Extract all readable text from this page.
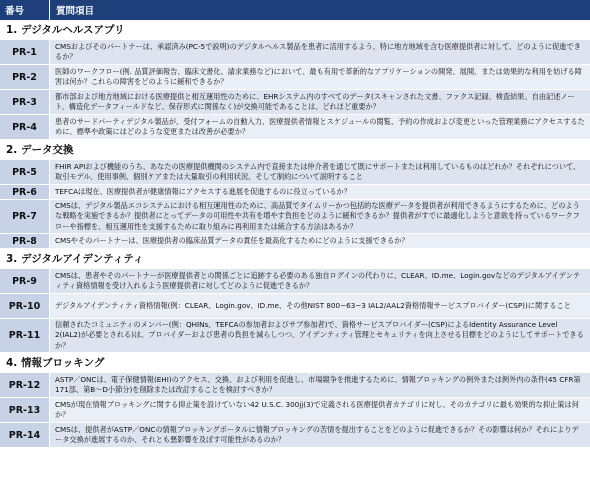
番号	質問項目
1. デジタルヘルスアプリ
PR-1
CMSおよびそのパートナーは、承認済み(PC-5で説明)のデジタルヘルス製品を患者に活用するよう、特に地方地域を含む医療提供者に対して、どのように促進できるか？
PR-2
医師のワークフロー(例. 品質評価報告、臨床文書化、請求業務など)において、最も有用で革新的なアプリケーションの開発、展開、または効果的な利用を妨げる障害は何か？これらの障害をどのように緩和できるか？
PR-3
都市部および地方地域における医療提供と相互運用性のために、EHRシステム内のすべてのデータ(スキャンされた文書、ファクス記録、検査結果、自由記述ノート、構造化データフィールドなど、保存形式に関係なく)が交換可能であることは、どれほど重要か？
PR-4
患者のサードパーティデジタル製品が、受付フォームの自動入力、医療提供者情報とスケジュールの閲覧、予約の作成および変更といった管理業務にアクセスするために、標準や政策にはどのような変更または改善が必要か？
2. データ交換
PR-5
FHIR APIおよび機能のうち、あなたの医療提供機関のシステム内で直接または仲介者を通じて既にサポートまたは利用しているものはどれか？それぞれについて、取引モデル、使用事例、個別ケアまたは大量取引の利用状況、そして制約について説明すること
PR-6	TEFCAは現在、医療提供者が健康情報にアクセスする進展を促進するのに役立っているか？
PR-7
CMSは、デジタル製品エコシステムにおける相互運用性のために、高品質でタイムリーかつ包括的な医療データを提供者が利用できるようにするために、どのような戦略を実施できるか？提供者にとってデータの可用性や共有を増やす負担をどのように緩和できるか？提供者がすでに最適化しようと意欲を持っているワークフローや指標を、相互運用性を支援するために取り組みに再利用または統合する方法はあるか？
PR-8	CMSやそのパートナーは、医療提供者の臨床品質データの責任を最高化するためにどのように支援できるか？
3. デジタルアイデンティティ
PR-9
CMSは、患者やそのパートナーが医療提供者との関係ごとに追跡する必要のある独自ログインの代わりに、CLEAR、ID.me、Login.govなどのデジタルアイデンティティ資格情報を受け入れるよう医療提供者に対してどのように促進できるか？
PR-10	デジタルアイデンティティ資格情報(例：CLEAR、Login.gov、ID.me、その他NIST 800−63−3 IAL2/AAL2資格情報サービスプロバイダー(CSP))に関すること
PR-11
信頼されたコミュニティのメンバー(例：QHINs、TEFCAの参加者およびサブ参加者)で、資格サービスプロバイダー(CSP)によるIdentity Assurance Level 2(IAL2)が必要とされる)は、プロバイダーおよび患者の負担を減らしつつ、アイデンティティ管理とセキュリティを向上させる目標をどのようにしてサポートできるか？
4. 情報ブロッキング
PR-12
ASTP／ONCは、電子保健情報(EHI)のアクセス、交換、および利用を促進し、市場競争を推進するために、情報ブロッキングの例外または例外内の条件(45 CFR第171部、第B〜D小節分)を削除または改訂することを検討すべきか？
PR-13
CMSが現在情報ブロッキングに関する抑止策を設けていない42 U.S.C. 300jj(3)で定義される医療提供者カテゴリに対し、そのカテゴリに最も効果的な抑止策は何か？
PR-14
CMSは、提供者がASTP／ONCの情報ブロッキングポータルに情報ブロッキングの苦情を提出することをどのように促進できるか？その影響は何か？それによりデータ交換が進展するのか、それとも悪影響を及ぼす可能性があるのか？
